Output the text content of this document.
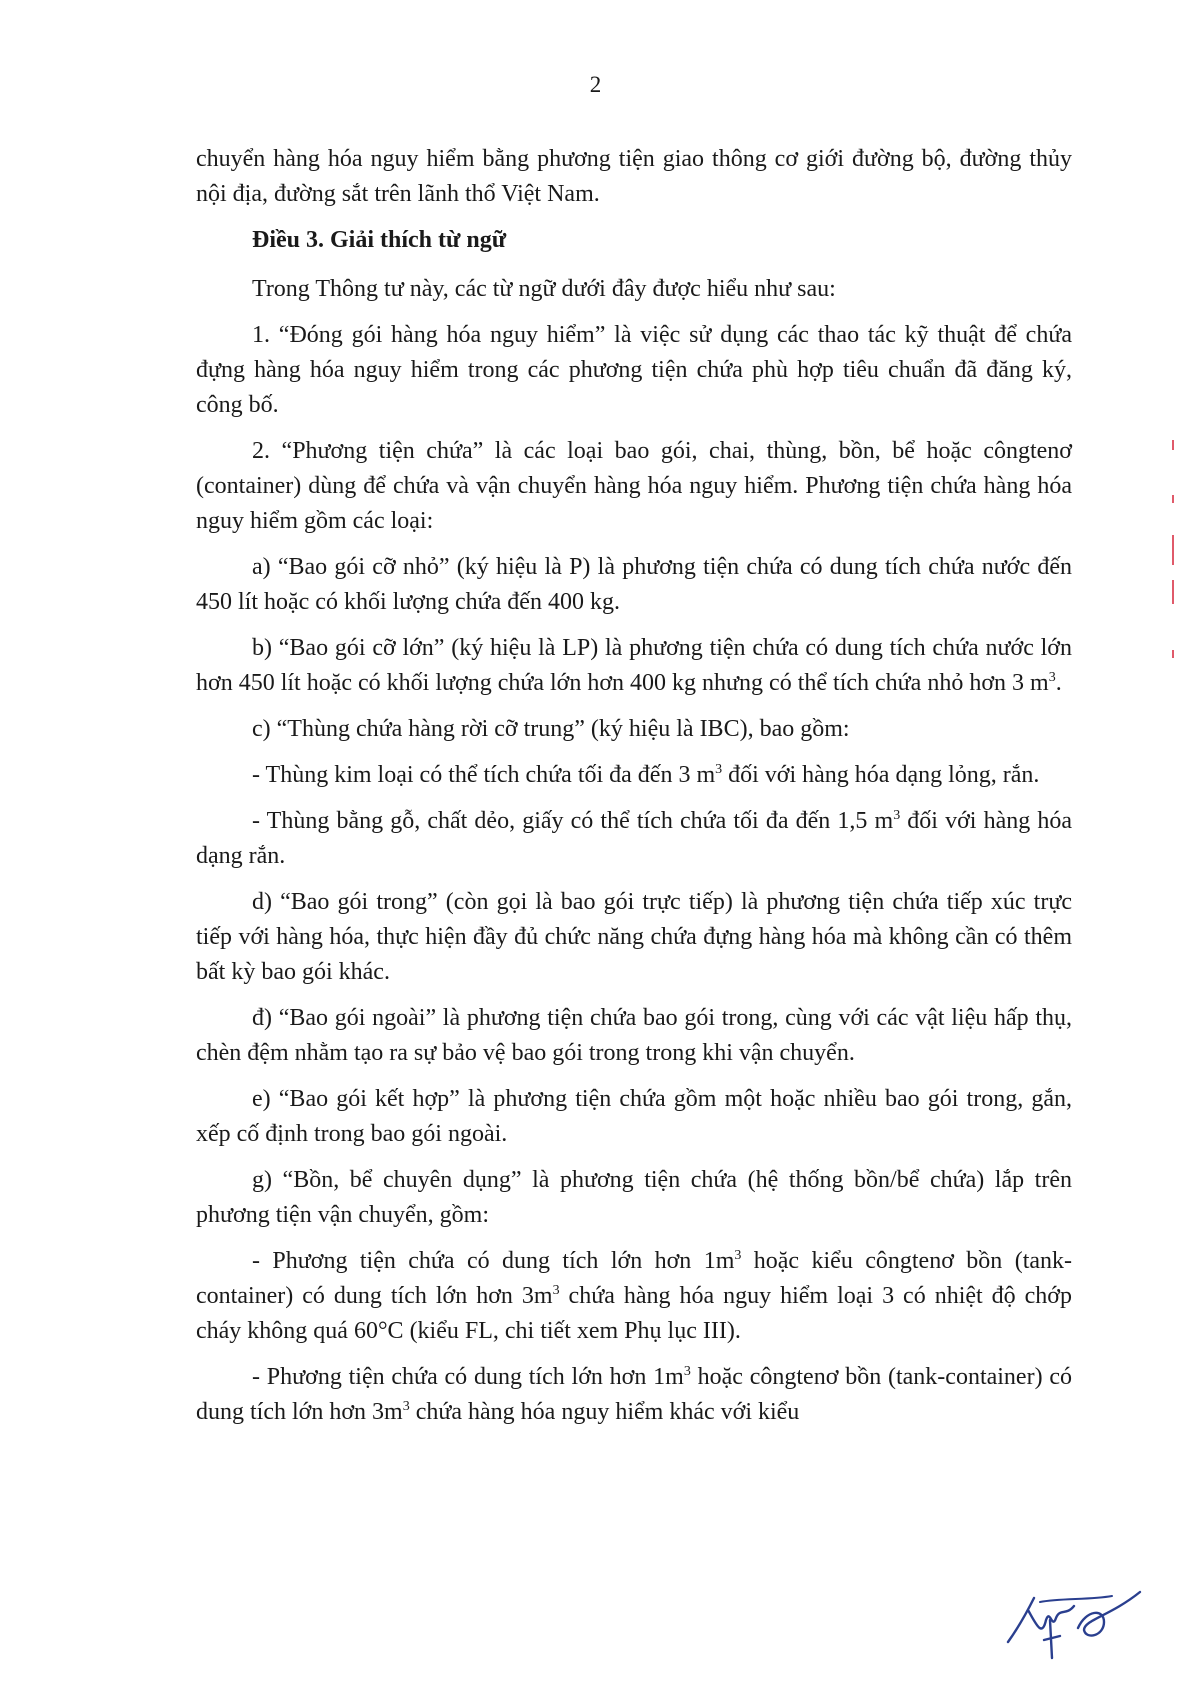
2

chuyển hàng hóa nguy hiểm bằng phương tiện giao thông cơ giới đường bộ, đường thủy nội địa, đường sắt trên lãnh thổ Việt Nam.

Điều 3. Giải thích từ ngữ

Trong Thông tư này, các từ ngữ dưới đây được hiểu như sau:

1. “Đóng gói hàng hóa nguy hiểm” là việc sử dụng các thao tác kỹ thuật để chứa đựng hàng hóa nguy hiểm trong các phương tiện chứa phù hợp tiêu chuẩn đã đăng ký, công bố.

2. “Phương tiện chứa” là các loại bao gói, chai, thùng, bồn, bể hoặc côngtenơ (container) dùng để chứa và vận chuyển hàng hóa nguy hiểm. Phương tiện chứa hàng hóa nguy hiểm gồm các loại:

a) “Bao gói cỡ nhỏ” (ký hiệu là P) là phương tiện chứa có dung tích chứa nước đến 450 lít hoặc có khối lượng chứa đến 400 kg.

b) “Bao gói cỡ lớn” (ký hiệu là LP) là phương tiện chứa có dung tích chứa nước lớn hơn 450 lít hoặc có khối lượng chứa lớn hơn 400 kg nhưng có thể tích chứa nhỏ hơn 3 $m^3$.

c) “Thùng chứa hàng rời cỡ trung” (ký hiệu là IBC), bao gồm:

- Thùng kim loại có thể tích chứa tối đa đến 3 $m^3$ đối với hàng hóa dạng lỏng, rắn.

- Thùng bằng gỗ, chất dẻo, giấy có thể tích chứa tối đa đến 1,5 $m^3$ đối với hàng hóa dạng rắn.

d) “Bao gói trong” (còn gọi là bao gói trực tiếp) là phương tiện chứa tiếp xúc trực tiếp với hàng hóa, thực hiện đầy đủ chức năng chứa đựng hàng hóa mà không cần có thêm bất kỳ bao gói khác.

đ) “Bao gói ngoài” là phương tiện chứa bao gói trong, cùng với các vật liệu hấp thụ, chèn đệm nhằm tạo ra sự bảo vệ bao gói trong trong khi vận chuyển.

e) “Bao gói kết hợp” là phương tiện chứa gồm một hoặc nhiều bao gói trong, gắn, xếp cố định trong bao gói ngoài.

g) “Bồn, bể chuyên dụng” là phương tiện chứa (hệ thống bồn/bể chứa) lắp trên phương tiện vận chuyển, gồm:

- Phương tiện chứa có dung tích lớn hơn $1m^3$ hoặc kiểu côngtenơ bồn (tank-container) có dung tích lớn hơn $3m^3$ chứa hàng hóa nguy hiểm loại 3 có nhiệt độ chớp cháy không quá 60°C (kiểu FL, chi tiết xem Phụ lục III).

- Phương tiện chứa có dung tích lớn hơn $1m^3$ hoặc côngtenơ bồn (tank-container) có dung tích lớn hơn $3m^3$ chứa hàng hóa nguy hiểm khác với kiểu
